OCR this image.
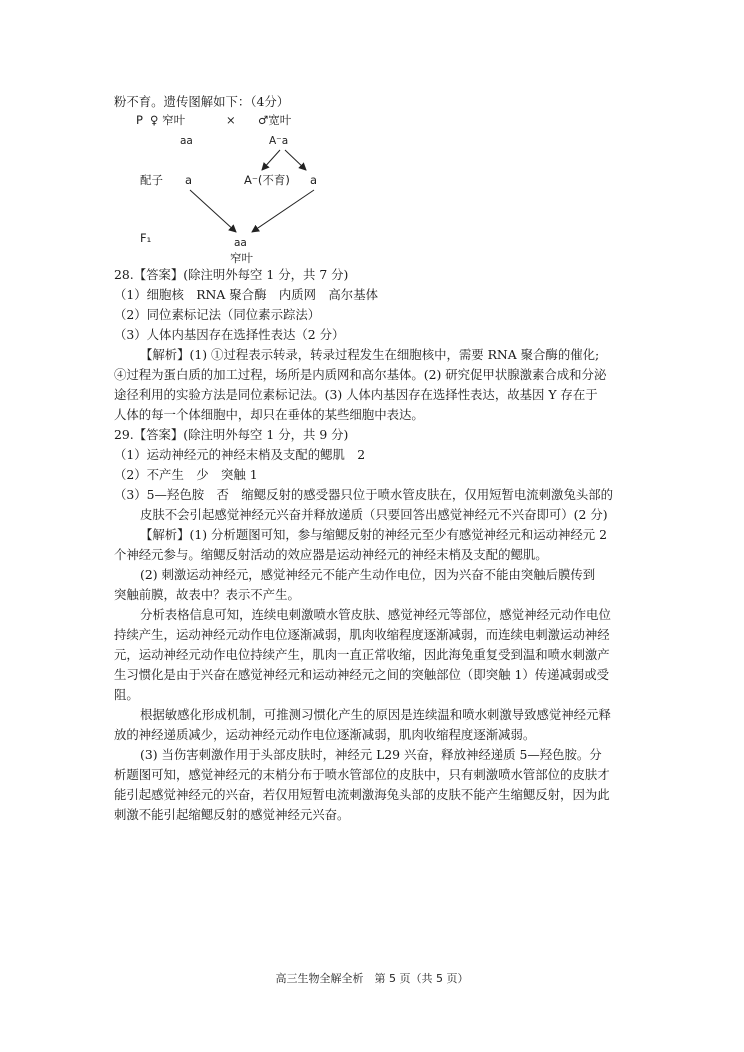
粉不育。遗传图解如下：（4分）
P ♀ 窄叶	× ♂宽叶
aa	A⁻a
配子 a	A⁻(不育) a
F₁	aa
窄叶
28.【答案】(除注明外每空 1 分，共 7 分)
（1）细胞核　RNA 聚合酶　内质网　高尔基体
（2）同位素标记法（同位素示踪法）
（3）人体内基因存在选择性表达（2 分）
【解析】(1) ①过程表示转录，转录过程发生在细胞核中，需要 RNA 聚合酶的催化;
④过程为蛋白质的加工过程，场所是内质网和高尔基体。(2) 研究促甲状腺激素合成和分泌
途径利用的实验方法是同位素标记法。(3) 人体内基因存在选择性表达，故基因 Y 存在于
人体的每一个体细胞中，却只在垂体的某些细胞中表达。
29.【答案】(除注明外每空 1 分，共 9 分)
（1）运动神经元的神经末梢及支配的鳃肌　2
（2）不产生　少　突触 1
（3）5—羟色胺　否　缩鳃反射的感受器只位于喷水管皮肤在，仅用短暂电流刺激兔头部的
皮肤不会引起感觉神经元兴奋并释放递质（只要回答出感觉神经元不兴奋即可）(2 分)
【解析】(1) 分析题图可知，参与缩鳃反射的神经元至少有感觉神经元和运动神经元 2
个神经元参与。缩鳃反射活动的效应器是运动神经元的神经末梢及支配的鳃肌。
(2) 刺激运动神经元，感觉神经元不能产生动作电位，因为兴奋不能由突触后膜传到
突触前膜，故表中？表示不产生。
分析表格信息可知，连续电刺激喷水管皮肤、感觉神经元等部位，感觉神经元动作电位
持续产生，运动神经元动作电位逐渐减弱，肌肉收缩程度逐渐减弱，而连续电刺激运动神经
元，运动神经元动作电位持续产生，肌肉一直正常收缩，因此海兔重复受到温和喷水刺激产
生习惯化是由于兴奋在感觉神经元和运动神经元之间的突触部位（即突触 1）传递减弱或受
阻。
根据敏感化形成机制，可推测习惯化产生的原因是连续温和喷水刺激导致感觉神经元释
放的神经递质减少，运动神经元动作电位逐渐减弱，肌肉收缩程度逐渐减弱。
(3) 当伤害刺激作用于头部皮肤时，神经元 L29 兴奋，释放神经递质 5—羟色胺。分
析题图可知，感觉神经元的末梢分布于喷水管部位的皮肤中，只有刺激喷水管部位的皮肤才
能引起感觉神经元的兴奋，若仅用短暂电流刺激海兔头部的皮肤不能产生缩鳃反射，因为此
刺激不能引起缩鳃反射的感觉神经元兴奋。
高三生物全解全析　第 5 页（共 5 页）
